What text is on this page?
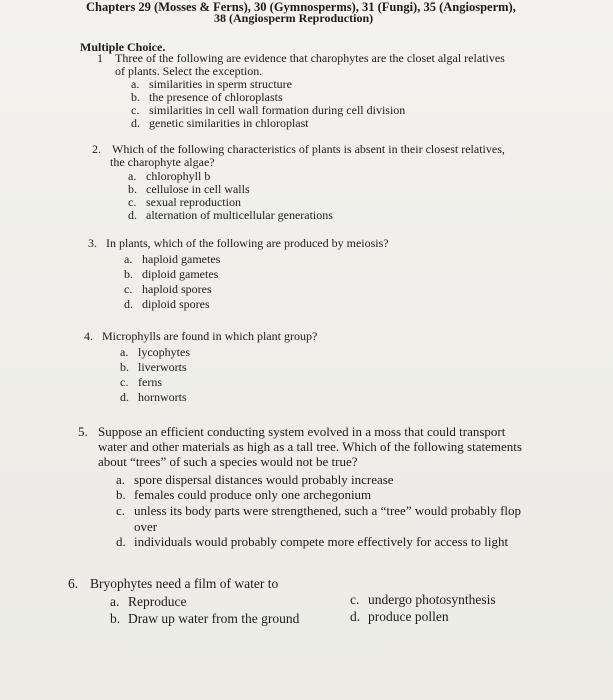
Chapters 29 (Mosses & Ferns), 30 (Gymnosperms), 31 (Fungi), 35 (Angiosperm),
38 (Angiosperm Reproduction)
Multiple Choice.
1 Three of the following are evidence that charophytes are the closet algal relatives
of plants. Select the exception.
a. similarities in sperm structure
b. the presence of chloroplasts
c. similarities in cell wall formation during cell division
d. genetic similarities in chloroplast
2. Which of the following characteristics of plants is absent in their closest relatives,
the charophyte algae?
a. chlorophyll b
b. cellulose in cell walls
c. sexual reproduction
d. alternation of multicellular generations
3. In plants, which of the following are produced by meiosis?
a. haploid gametes
b. diploid gametes
c. haploid spores
d. diploid spores
4. Microphylls are found in which plant group?
a. lycophytes
b. liverworts
c. ferns
d. hornworts
5. Suppose an efficient conducting system evolved in a moss that could transport
water and other materials as high as a tall tree. Which of the following statements
about “trees” of such a species would not be true?
a. spore dispersal distances would probably increase
b. females could produce only one archegonium
c. unless its body parts were strengthened, such a “tree” would probably flop
over
d. individuals would probably compete more effectively for access to light
6. Bryophytes need a film of water to
a. Reproduce
b. Draw up water from the ground
c. undergo photosynthesis
d. produce pollen
